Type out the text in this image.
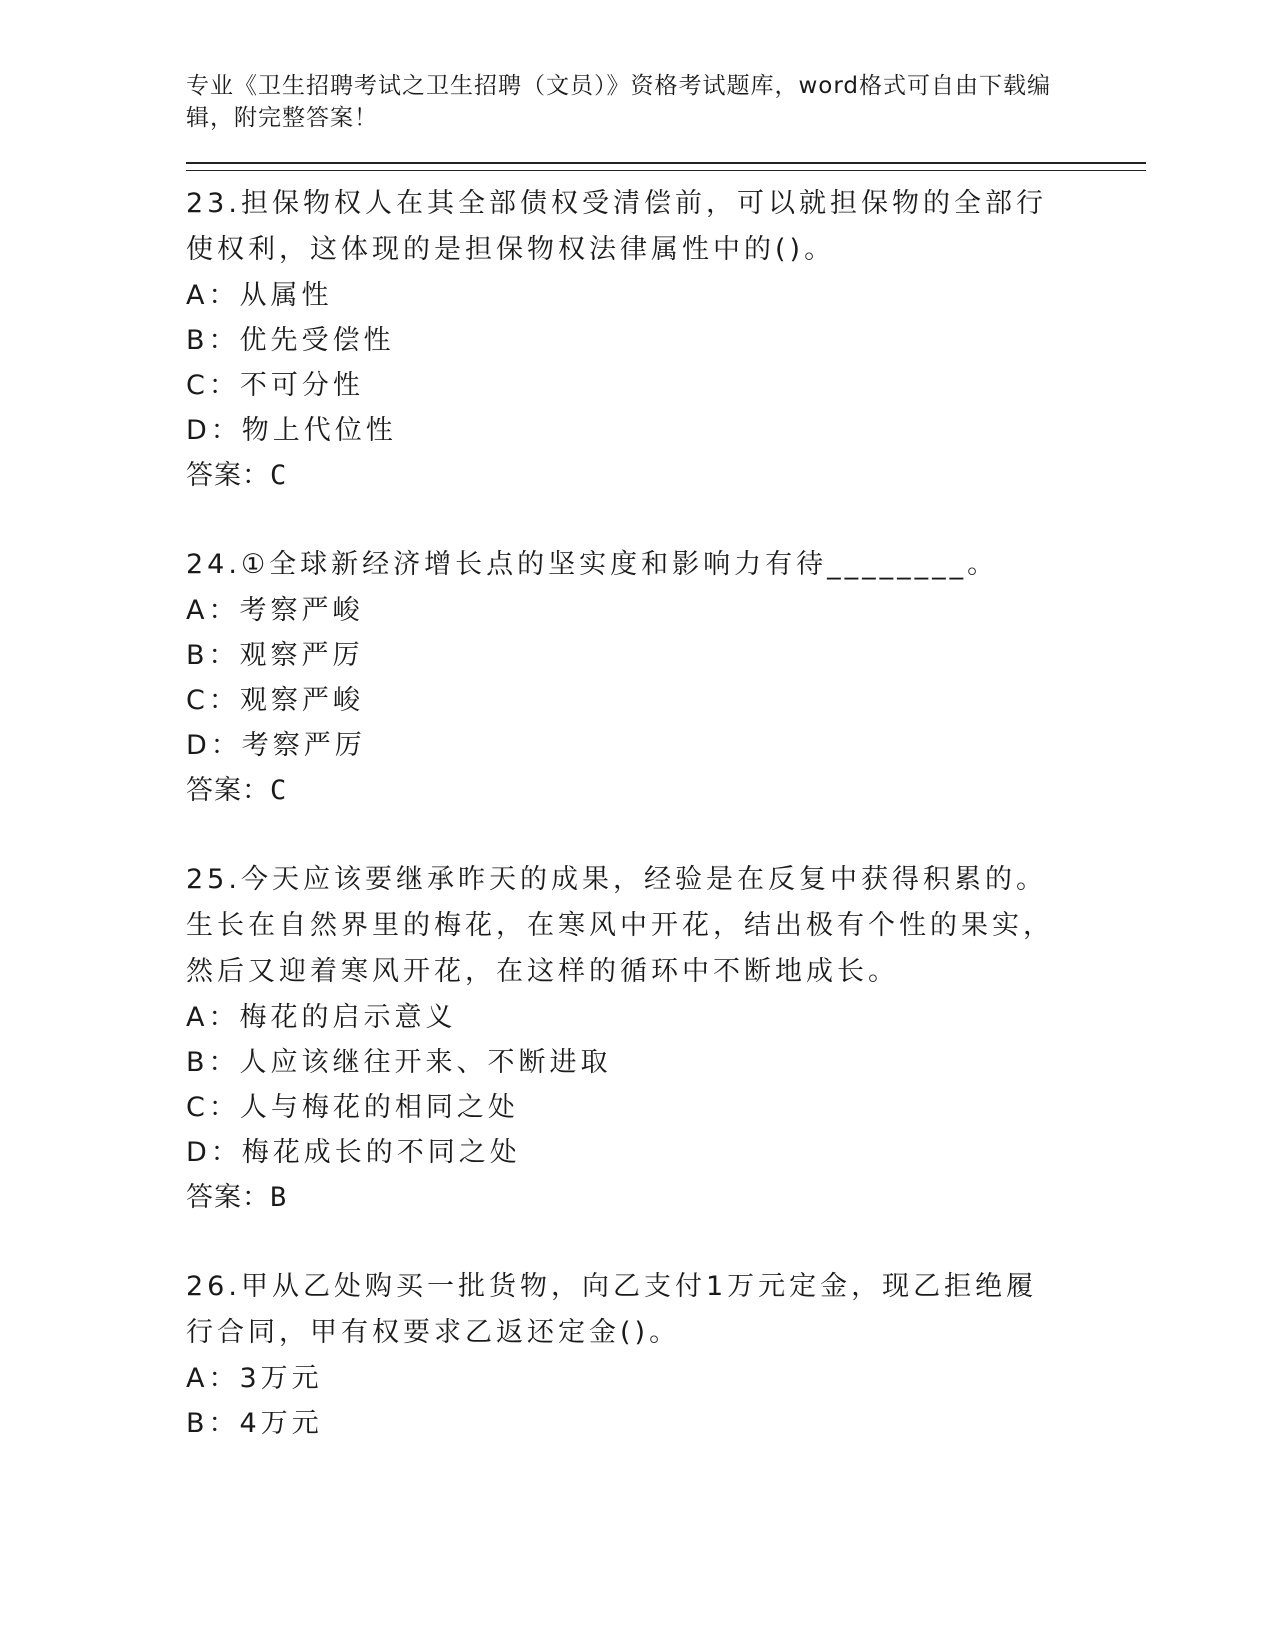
专业《卫生招聘考试之卫生招聘（文员）》资格考试题库，word格式可自由下载编辑，附完整答案！
23.担保物权人在其全部债权受清偿前，可以就担保物的全部行使权利，这体现的是担保物权法律属性中的()。
A：从属性
B：优先受偿性
C：不可分性
D：物上代位性
答案：C
24.①全球新经济增长点的坚实度和影响力有待________。
A：考察严峻
B：观察严厉
C：观察严峻
D：考察严厉
答案：C
25.今天应该要继承昨天的成果，经验是在反复中获得积累的。生长在自然界里的梅花，在寒风中开花，结出极有个性的果实，然后又迎着寒风开花，在这样的循环中不断地成长。
A：梅花的启示意义
B：人应该继往开来、不断进取
C：人与梅花的相同之处
D：梅花成长的不同之处
答案：B
26.甲从乙处购买一批货物，向乙支付1万元定金，现乙拒绝履行合同，甲有权要求乙返还定金()。
A：3万元
B：4万元
